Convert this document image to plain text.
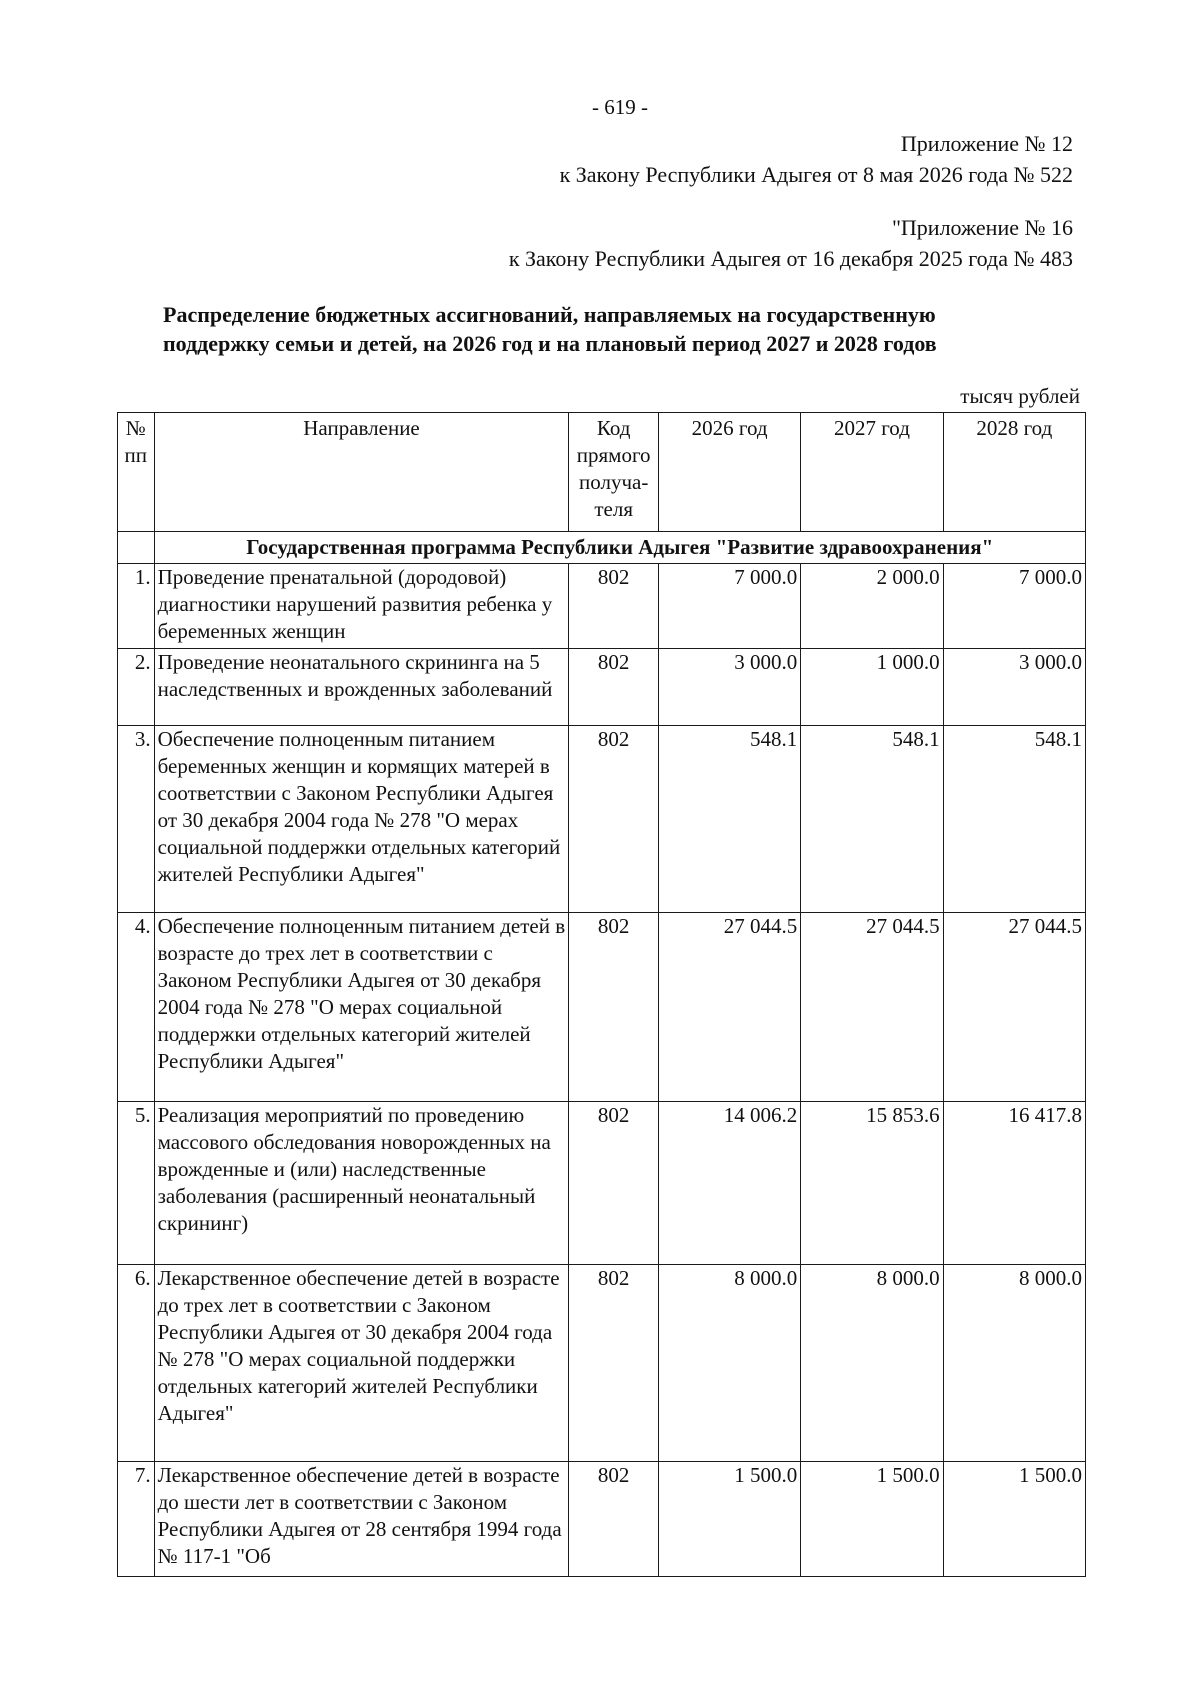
- 619 -
Приложение № 12
к Закону Республики Адыгея от 8 мая 2026 года № 522
"Приложение № 16
к Закону Республики Адыгея от 16 декабря 2025 года № 483
Распределение бюджетных ассигнований, направляемых на государственную поддержку семьи и детей, на 2026 год и на плановый период 2027 и 2028 годов
тысяч рублей
№ пп	Направление	Код прямого получа- теля	2026 год	2027 год	2028 год
	Государственная программа Республики Адыгея "Развитие здравоохранения"				
1.	Проведение пренатальной (дородовой) диагностики нарушений развития ребенка у беременных женщин	802	7 000.0	2 000.0	7 000.0
2.	Проведение неонатального скрининга на 5 наследственных и врожденных заболеваний	802	3 000.0	1 000.0	3 000.0
3.	Обеспечение полноценным питанием беременных женщин и кормящих матерей в соответствии с Законом Республики Адыгея от 30 декабря 2004 года № 278 "О мерах социальной поддержки отдельных категорий жителей Республики Адыгея"	802	548.1	548.1	548.1
4.	Обеспечение полноценным питанием детей в возрасте до трех лет в соответствии с Законом Республики Адыгея от 30 декабря 2004 года № 278 "О мерах социальной поддержки отдельных категорий жителей Республики Адыгея"	802	27 044.5	27 044.5	27 044.5
5.	Реализация мероприятий по проведению массового обследования новорожденных на врожденные и (или) наследственные заболевания (расширенный неонатальный скрининг)	802	14 006.2	15 853.6	16 417.8
6.	Лекарственное обеспечение детей в возрасте до трех лет в соответствии с Законом Республики Адыгея от 30 декабря 2004 года № 278 "О мерах социальной поддержки отдельных категорий жителей Республики Адыгея"	802	8 000.0	8 000.0	8 000.0
7.	Лекарственное обеспечение детей в возрасте до шести лет в соответствии с Законом Республики Адыгея от 28 сентября 1994 года № 117-1 "Об	802	1 500.0	1 500.0	1 500.0
